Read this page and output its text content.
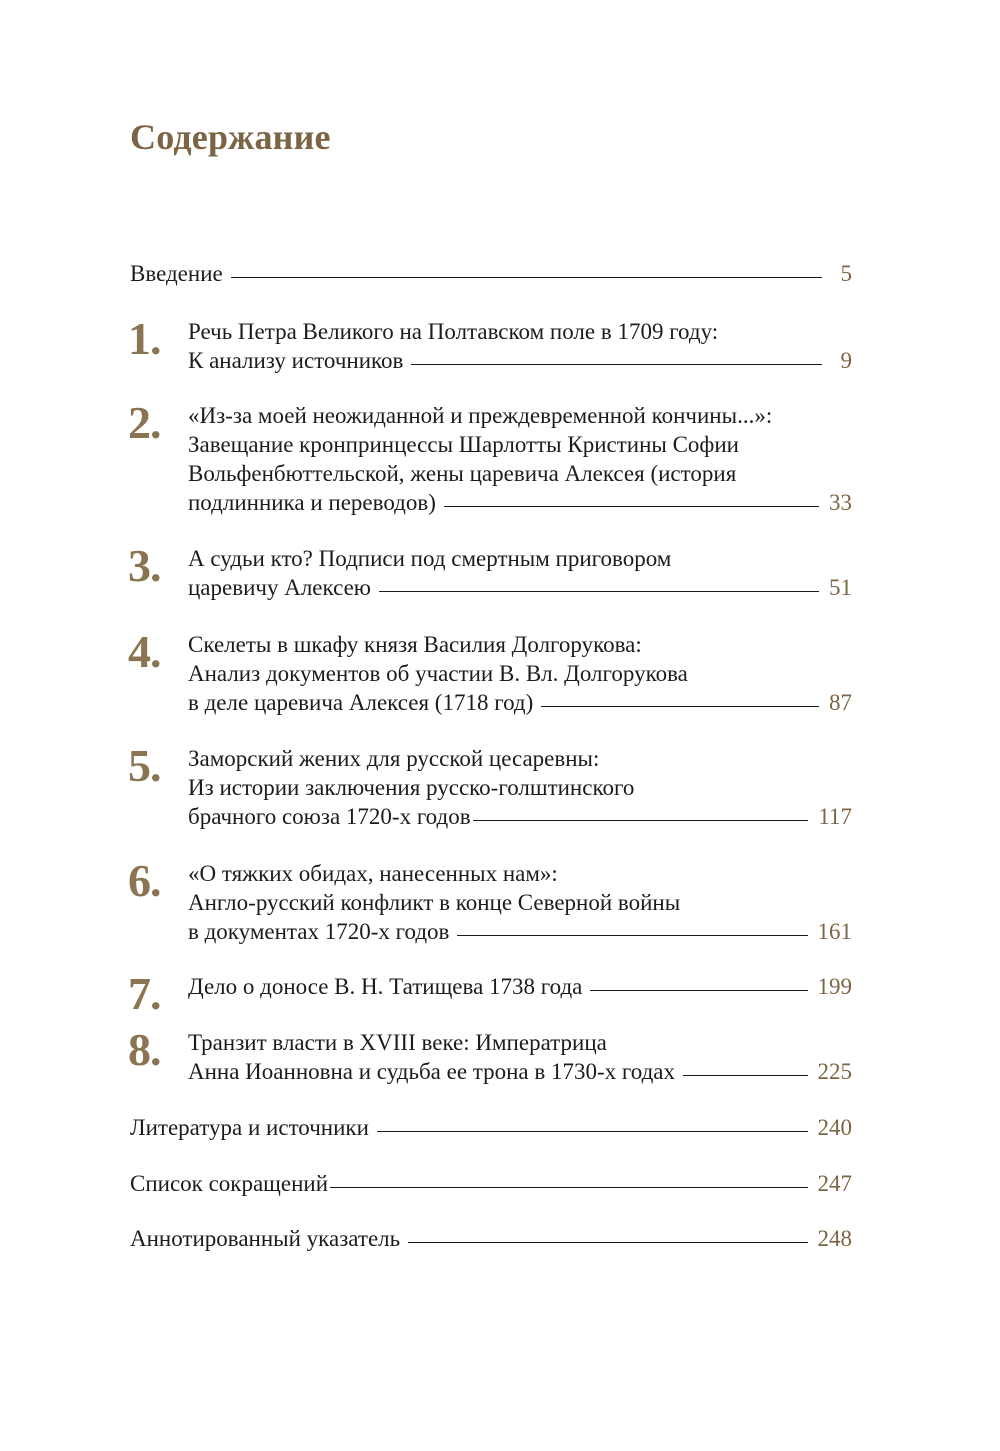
Содержание
Введение	5
1. Речь Петра Великого на Полтавском поле в 1709 году:
К анализу источников	9
2. «Из-за моей неожиданной и преждевременной кончины...»:
Завещание кронпринцессы Шарлотты Кристины Софии
Вольфенбюттельской, жены царевича Алексея (история
подлинника и переводов)	33
3. А судьи кто? Подписи под смертным приговором
царевичу Алексею	51
4. Скелеты в шкафу князя Василия Долгорукова:
Анализ документов об участии В. Вл. Долгорукова
в деле царевича Алексея (1718 год)	87
5. Заморский жених для русской цесаревны:
Из истории заключения русско-голштинского
брачного союза 1720-х годов	117
6. «О тяжких обидах, нанесенных нам»:
Англо-русский конфликт в конце Северной войны
в документах 1720-х годов	161
7. Дело о доносе В. Н. Татищева 1738 года	199
8. Транзит власти в XVIII веке: Императрица
Анна Иоанновна и судьба ее трона в 1730-х годах	225
Литература и источники	240
Список сокращений	247
Аннотированный указатель	248
